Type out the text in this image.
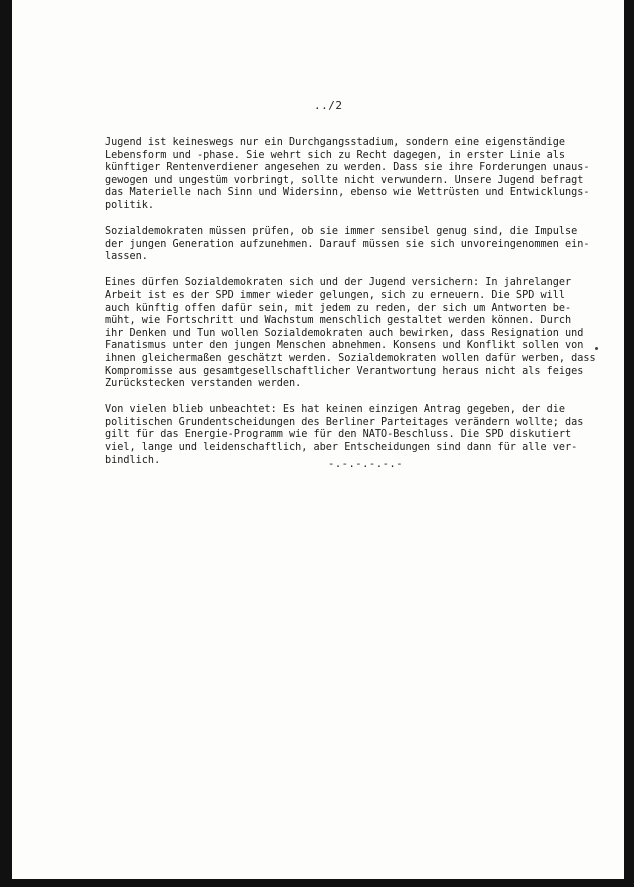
../2

Jugend ist keineswegs nur ein Durchgangsstadium, sondern eine eigenständige
Lebensform und -phase. Sie wehrt sich zu Recht dagegen, in erster Linie als
künftiger Rentenverdiener angesehen zu werden. Dass sie ihre Forderungen unaus-
gewogen und ungestüm vorbringt, sollte nicht verwundern. Unsere Jugend befragt
das Materielle nach Sinn und Widersinn, ebenso wie Wettrüsten und Entwicklungs-
politik.

Sozialdemokraten müssen prüfen, ob sie immer sensibel genug sind, die Impulse
der jungen Generation aufzunehmen. Darauf müssen sie sich unvoreingenommen ein-
lassen.

Eines dürfen Sozialdemokraten sich und der Jugend versichern: In jahrelanger
Arbeit ist es der SPD immer wieder gelungen, sich zu erneuern. Die SPD will
auch künftig offen dafür sein, mit jedem zu reden, der sich um Antworten be-
müht, wie Fortschritt und Wachstum menschlich gestaltet werden können. Durch
ihr Denken und Tun wollen Sozialdemokraten auch bewirken, dass Resignation und
Fanatismus unter den jungen Menschen abnehmen. Konsens und Konflikt sollen von
ihnen gleichermaßen geschätzt werden. Sozialdemokraten wollen dafür werben, dass
Kompromisse aus gesamtgesellschaftlicher Verantwortung heraus nicht als feiges
Zurückstecken verstanden werden.

Von vielen blieb unbeachtet: Es hat keinen einzigen Antrag gegeben, der die
politischen Grundentscheidungen des Berliner Parteitages verändern wollte; das
gilt für das Energie-Programm wie für den NATO-Beschluss. Die SPD diskutiert
viel, lange und leidenschaftlich, aber Entscheidungen sind dann für alle ver-
bindlich.	-.-.-.-.-.-
